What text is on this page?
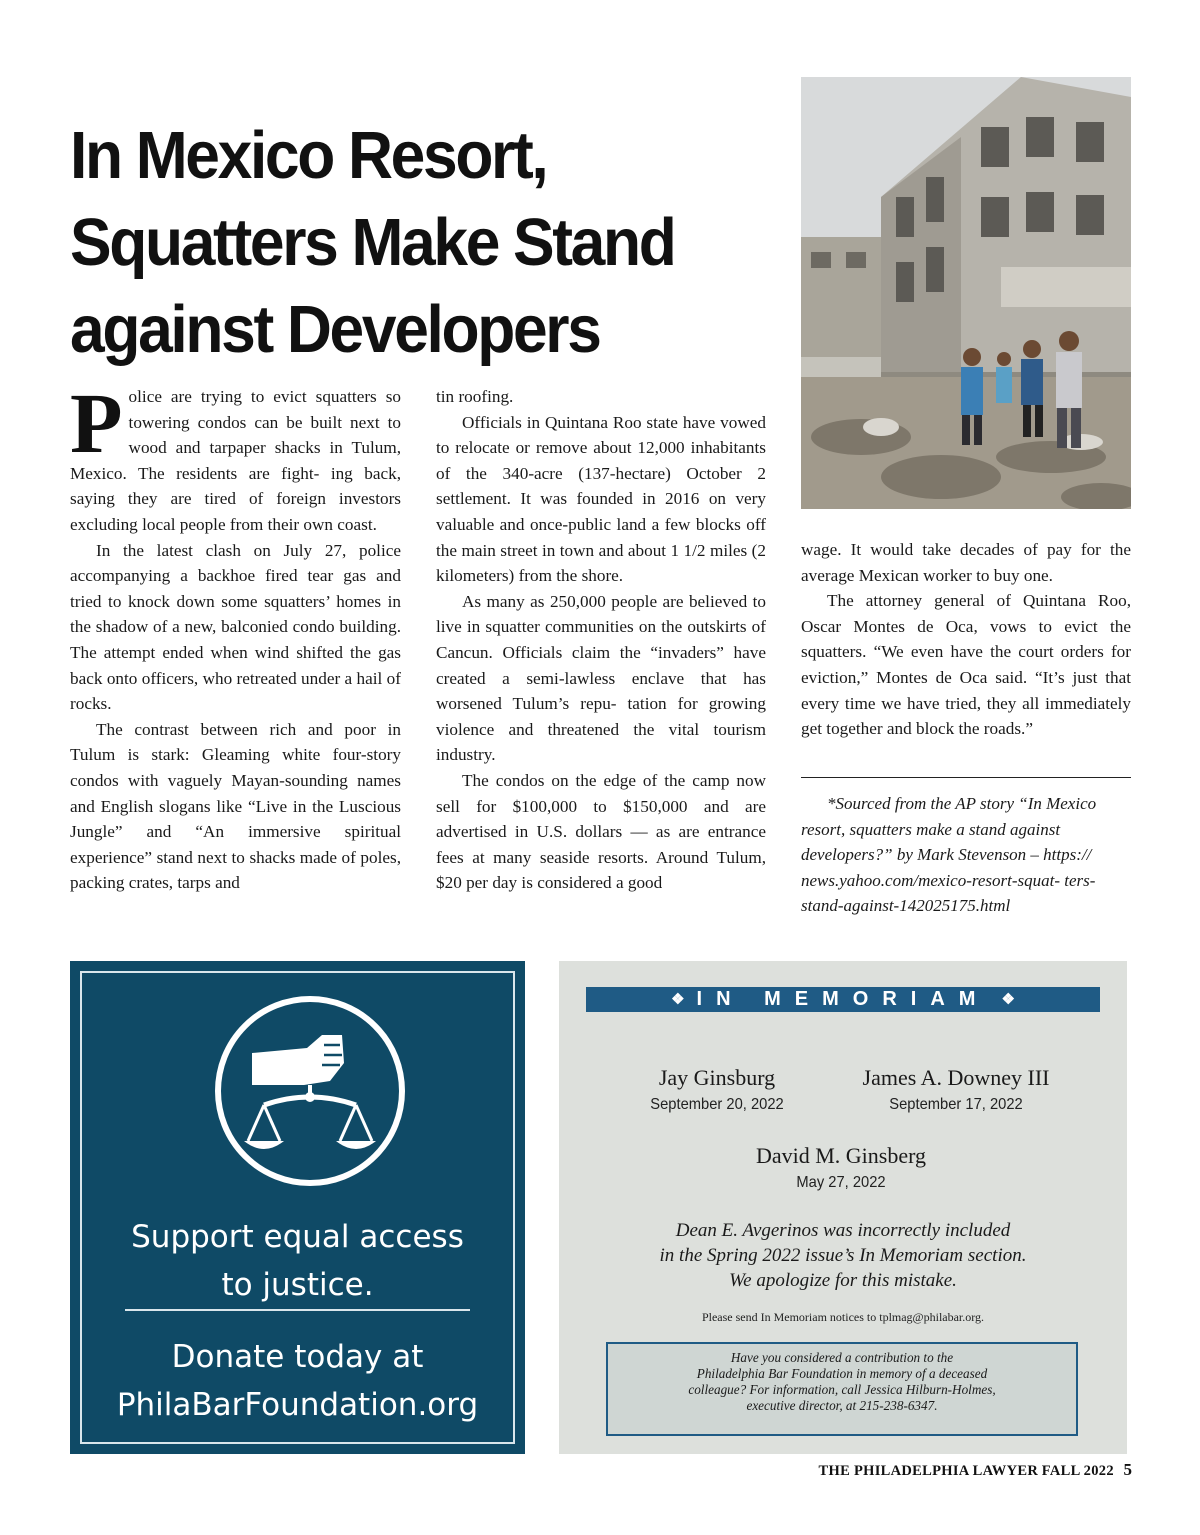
In Mexico Resort,
Squatters Make Stand
against Developers

Police are trying to evict squatters so towering condos can be built next to wood and tarpaper shacks in Tulum, Mexico. The residents are fight- ing back, saying they are tired of foreign investors excluding local people from their own coast.

In the latest clash on July 27, police accompanying a backhoe fired tear gas and tried to knock down some squatters’ homes in the shadow of a new, balconied condo building. The attempt ended when wind shifted the gas back onto officers, who retreated under a hail of rocks.

The contrast between rich and poor in Tulum is stark: Gleaming white four-story condos with vaguely Mayan-sounding names and English slogans like “Live in the Luscious Jungle” and “An immersive spiritual experience” stand next to shacks made of poles, packing crates, tarps and

tin roofing.

Officials in Quintana Roo state have vowed to relocate or remove about 12,000 inhabitants of the 340-acre (137-hectare) October 2 settlement. It was founded in 2016 on very valuable and once-public land a few blocks off the main street in town and about 1 1/2 miles (2 kilometers) from the shore.

As many as 250,000 people are believed to live in squatter communities on the outskirts of Cancun. Officials claim the “invaders” have created a semi-lawless enclave that has worsened Tulum’s repu- tation for growing violence and threatened the vital tourism industry.

The condos on the edge of the camp now sell for $100,000 to $150,000 and are advertised in U.S. dollars — as are entrance fees at many seaside resorts. Around Tulum, $20 per day is considered a good

wage. It would take decades of pay for the average Mexican worker to buy one.

The attorney general of Quintana Roo, Oscar Montes de Oca, vows to evict the squatters. “We even have the court orders for eviction,” Montes de Oca said. “It’s just that every time we have tried, they all immediately get together and block the roads.”

*Sourced from the AP story “In Mexico resort, squatters make a stand against developers?” by Mark Stevenson – https:// news.yahoo.com/mexico-resort-squat- ters-stand-against-142025175.html
Support equal access
to justice.
Donate today at
PhilaBarFoundation.org
❖ IN MEMORIAM ❖
Jay Ginsburg
September 20, 2022
James A. Downey III
September 17, 2022
David M. Ginsberg
May 27, 2022
Dean E. Avgerinos was incorrectly included
in the Spring 2022 issue’s In Memoriam section.
We apologize for this mistake.
Please send In Memoriam notices to tplmag@philabar.org.
Have you considered a contribution to the
Philadelphia Bar Foundation in memory of a deceased
colleague? For information, call Jessica Hilburn-Holmes,
executive director, at 215-238-6347.
THE PHILADELPHIA LAWYER FALL 2022 5
